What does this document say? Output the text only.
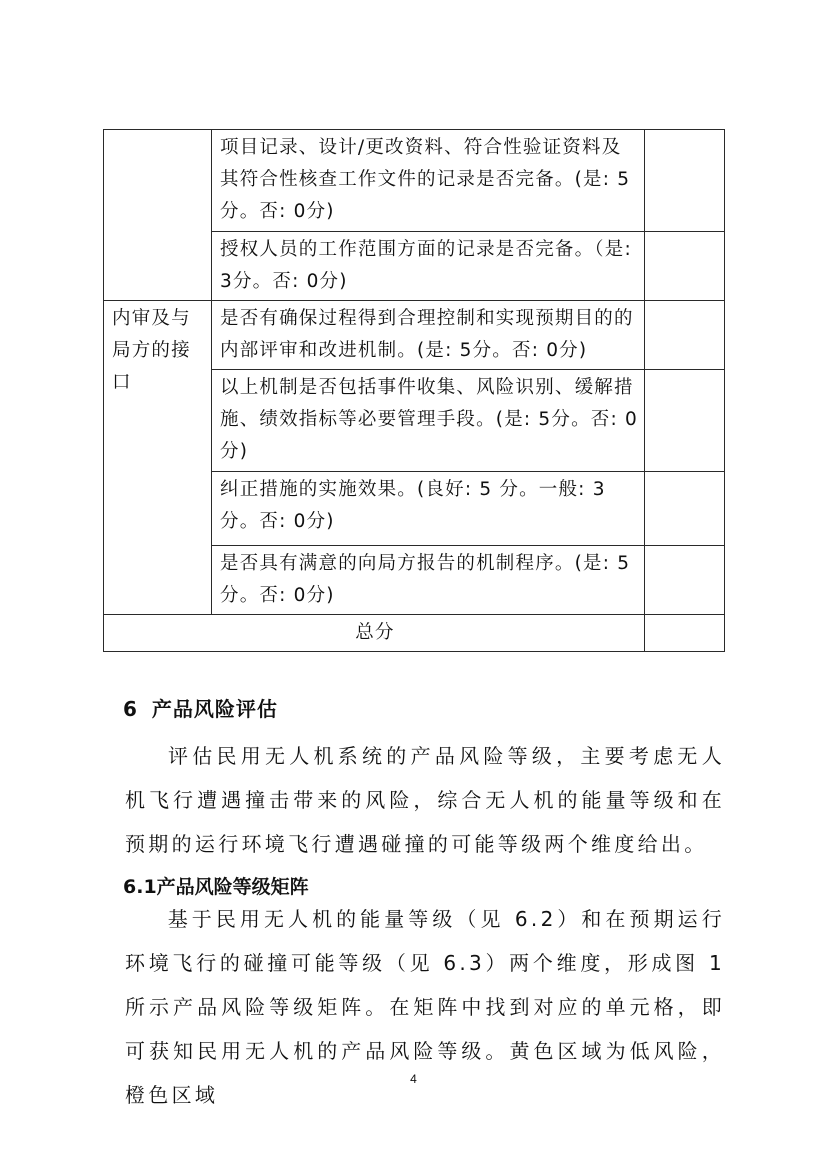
	项目记录、设计/更改资料、符合性验证资料及其符合性核查工作文件的记录是否完备。(是: 5分。否: 0分)	
	授权人员的工作范围方面的记录是否完备。（是: 3分。否: 0分)	
内审及与局方的接口	是否有确保过程得到合理控制和实现预期目的的内部评审和改进机制。(是: 5分。否: 0分)	
	以上机制是否包括事件收集、风险识别、缓解措施、绩效指标等必要管理手段。(是: 5分。否: 0分)	
	纠正措施的实施效果。(良好: 5 分。一般: 3分。否: 0分)	
	是否具有满意的向局方报告的机制程序。(是: 5分。否: 0分)	
总分		
6 产品风险评估
评估民用无人机系统的产品风险等级，主要考虑无人机飞行遭遇撞击带来的风险，综合无人机的能量等级和在预期的运行环境飞行遭遇碰撞的可能等级两个维度给出。
6.1产品风险等级矩阵
基于民用无人机的能量等级（见 6.2）和在预期运行环境飞行的碰撞可能等级（见 6.3）两个维度，形成图 1 所示产品风险等级矩阵。在矩阵中找到对应的单元格，即可获知民用无人机的产品风险等级。黄色区域为低风险，橙色区域
4
